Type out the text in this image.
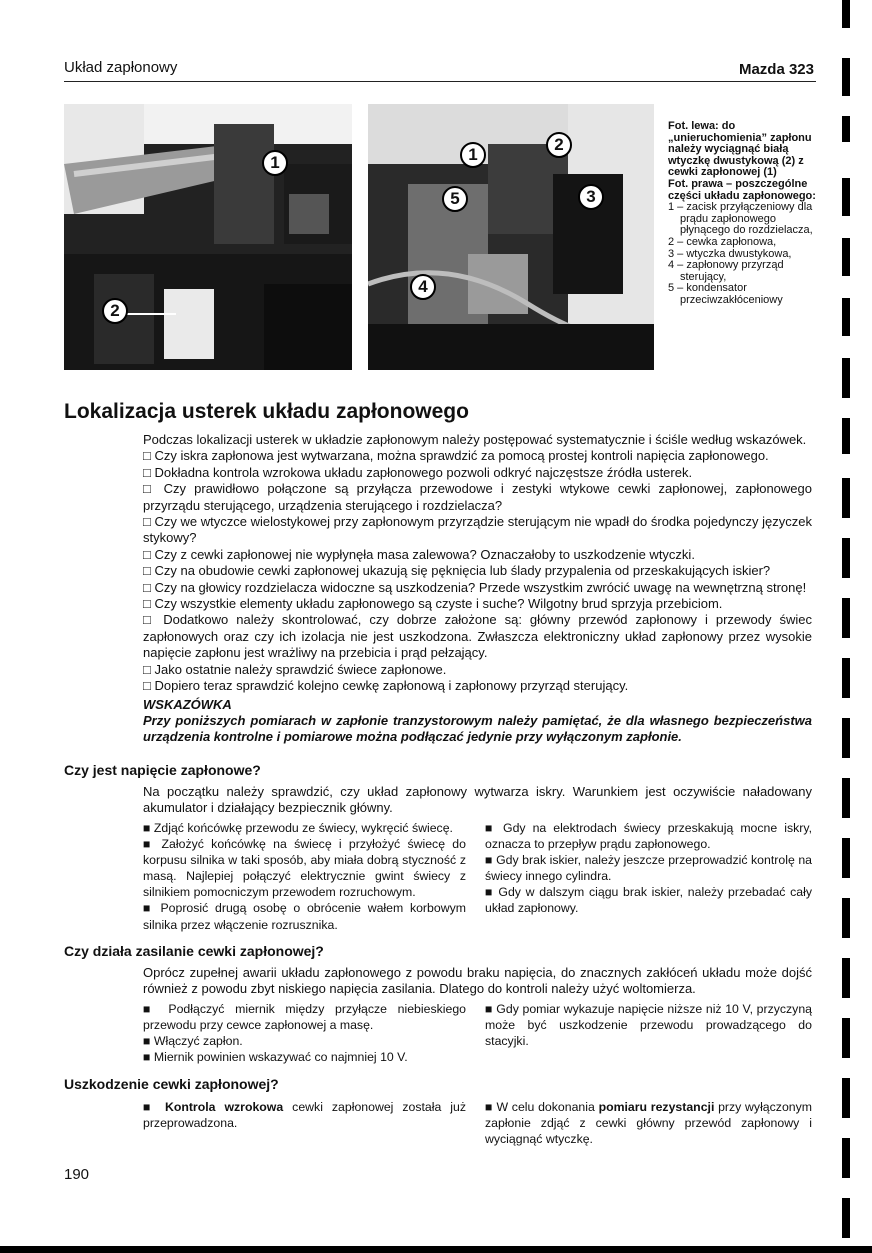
Układ zapłonowy	Mazda 323
1
2
1
2
3
4
5
Fot. lewa: do „unieruchomienia” zapłonu należy wyciągnąć białą wtyczkę dwustykową (2) z cewki zapłonowej (1)
Fot. prawa – poszczególne części układu zapłonowego:
1 – zacisk przyłączeniowy dla prądu zapłonowego płynącego do rozdzielacza,
2 – cewka zapłonowa,
3 – wtyczka dwustykowa,
4 – zapłonowy przyrząd sterujący,
5 – kondensator przeciwzakłóceniowy
Lokalizacja usterek układu zapłonowego
Podczas lokalizacji usterek w układzie zapłonowym należy postępować systematycznie i ściśle według wskazówek.
□ Czy iskra zapłonowa jest wytwarzana, można sprawdzić za pomocą prostej kontroli napięcia zapłonowego.
□ Dokładna kontrola wzrokowa układu zapłonowego pozwoli odkryć najczęstsze źródła usterek.
□ Czy prawidłowo połączone są przyłącza przewodowe i zestyki wtykowe cewki zapłonowej, zapłonowego przyrządu sterującego, urządzenia sterującego i rozdzielacza?
□ Czy we wtyczce wielostykowej przy zapłonowym przyrządzie sterującym nie wpadł do środka pojedynczy języczek stykowy?
□ Czy z cewki zapłonowej nie wypłynęła masa zalewowa? Oznaczałoby to uszkodzenie wtyczki.
□ Czy na obudowie cewki zapłonowej ukazują się pęknięcia lub ślady przypalenia od przeskakujących iskier?
□ Czy na głowicy rozdzielacza widoczne są uszkodzenia? Przede wszystkim zwrócić uwagę na wewnętrzną stronę!
□ Czy wszystkie elementy układu zapłonowego są czyste i suche? Wilgotny brud sprzyja przebiciom.
□ Dodatkowo należy skontrolować, czy dobrze założone są: główny przewód zapłonowy i przewody świec zapłonowych oraz czy ich izolacja nie jest uszkodzona. Zwłaszcza elektroniczny układ zapłonowy przez wysokie napięcie zapłonu jest wrażliwy na przebicia i prąd pełzający.
□ Jako ostatnie należy sprawdzić świece zapłonowe.
□ Dopiero teraz sprawdzić kolejno cewkę zapłonową i zapłonowy przyrząd sterujący.
WSKAZÓWKA
Przy poniższych pomiarach w zapłonie tranzystorowym należy pamiętać, że dla własnego bezpieczeństwa urządzenia kontrolne i pomiarowe można podłączać jedynie przy wyłączonym zapłonie.
Czy jest napięcie zapłonowe?
Na początku należy sprawdzić, czy układ zapłonowy wytwarza iskry. Warunkiem jest oczywiście naładowany akumulator i działający bezpiecznik główny.
■ Zdjąć końcówkę przewodu ze świecy, wykręcić świecę.
■ Założyć końcówkę na świecę i przyłożyć świecę do korpusu silnika w taki sposób, aby miała dobrą styczność z masą. Najlepiej połączyć elektrycznie gwint świecy z silnikiem pomocniczym przewodem rozruchowym.
■ Poprosić drugą osobę o obrócenie wałem korbowym silnika przez włączenie rozrusznika.
■ Gdy na elektrodach świecy przeskakują mocne iskry, oznacza to przepływ prądu zapłonowego.
■ Gdy brak iskier, należy jeszcze przeprowadzić kontrolę na świecy innego cylindra.
■ Gdy w dalszym ciągu brak iskier, należy przebadać cały układ zapłonowy.
Czy działa zasilanie cewki zapłonowej?
Oprócz zupełnej awarii układu zapłonowego z powodu braku napięcia, do znacznych zakłóceń układu może dojść również z powodu zbyt niskiego napięcia zasilania. Dlatego do kontroli należy użyć woltomierza.
■ Podłączyć miernik między przyłącze niebieskiego przewodu przy cewce zapłonowej a masę.
■ Włączyć zapłon.
■ Miernik powinien wskazywać co najmniej 10 V.
■ Gdy pomiar wykazuje napięcie niższe niż 10 V, przyczyną może być uszkodzenie przewodu prowadzącego do stacyjki.
Uszkodzenie cewki zapłonowej?
■ Kontrola wzrokowa cewki zapłonowej została już przeprowadzona.
■ W celu dokonania pomiaru rezystancji przy wyłączonym zapłonie zdjąć z cewki główny przewód zapłonowy i wyciągnąć wtyczkę.
190
